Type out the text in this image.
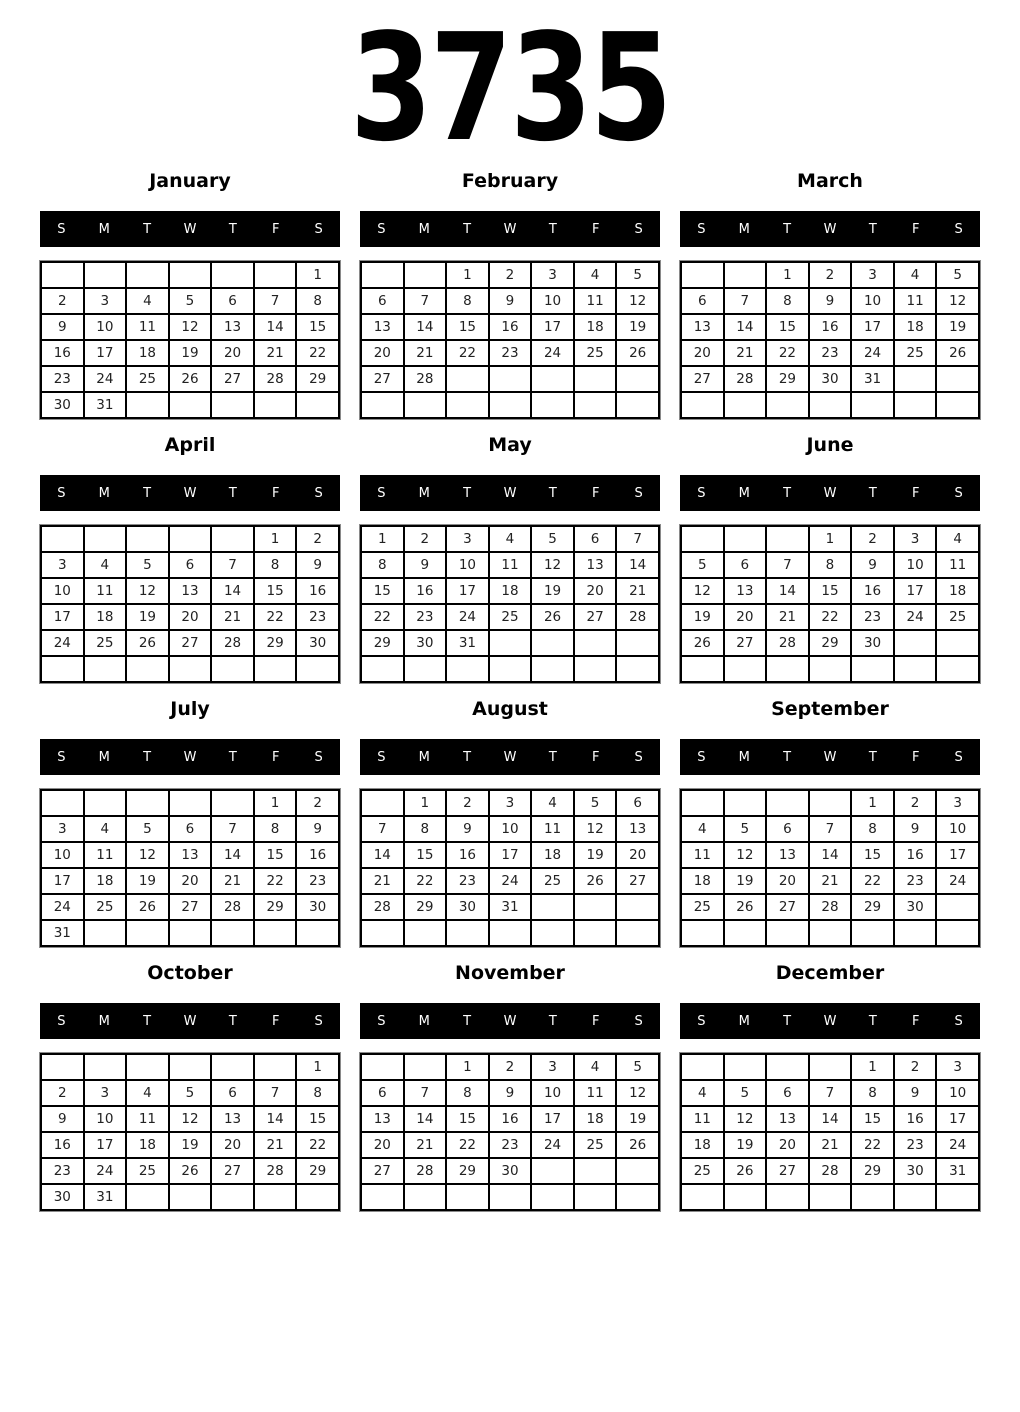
3735
January
S	M	T	W	T	F	S
						1
2	3	4	5	6	7	8
9	10	11	12	13	14	15
16	17	18	19	20	21	22
23	24	25	26	27	28	29
30	31					
February
S	M	T	W	T	F	S
		1	2	3	4	5
6	7	8	9	10	11	12
13	14	15	16	17	18	19
20	21	22	23	24	25	26
27	28					

March
S	M	T	W	T	F	S
		1	2	3	4	5
6	7	8	9	10	11	12
13	14	15	16	17	18	19
20	21	22	23	24	25	26
27	28	29	30	31		

April
S	M	T	W	T	F	S
					1	2
3	4	5	6	7	8	9
10	11	12	13	14	15	16
17	18	19	20	21	22	23
24	25	26	27	28	29	30

May
S	M	T	W	T	F	S
1	2	3	4	5	6	7
8	9	10	11	12	13	14
15	16	17	18	19	20	21
22	23	24	25	26	27	28
29	30	31				

June
S	M	T	W	T	F	S
			1	2	3	4
5	6	7	8	9	10	11
12	13	14	15	16	17	18
19	20	21	22	23	24	25
26	27	28	29	30		

July
S	M	T	W	T	F	S
					1	2
3	4	5	6	7	8	9
10	11	12	13	14	15	16
17	18	19	20	21	22	23
24	25	26	27	28	29	30
31						
August
S	M	T	W	T	F	S
	1	2	3	4	5	6
7	8	9	10	11	12	13
14	15	16	17	18	19	20
21	22	23	24	25	26	27
28	29	30	31			

September
S	M	T	W	T	F	S
				1	2	3
4	5	6	7	8	9	10
11	12	13	14	15	16	17
18	19	20	21	22	23	24
25	26	27	28	29	30	

October
S	M	T	W	T	F	S
						1
2	3	4	5	6	7	8
9	10	11	12	13	14	15
16	17	18	19	20	21	22
23	24	25	26	27	28	29
30	31					
November
S	M	T	W	T	F	S
		1	2	3	4	5
6	7	8	9	10	11	12
13	14	15	16	17	18	19
20	21	22	23	24	25	26
27	28	29	30			

December
S	M	T	W	T	F	S
				1	2	3
4	5	6	7	8	9	10
11	12	13	14	15	16	17
18	19	20	21	22	23	24
25	26	27	28	29	30	31
